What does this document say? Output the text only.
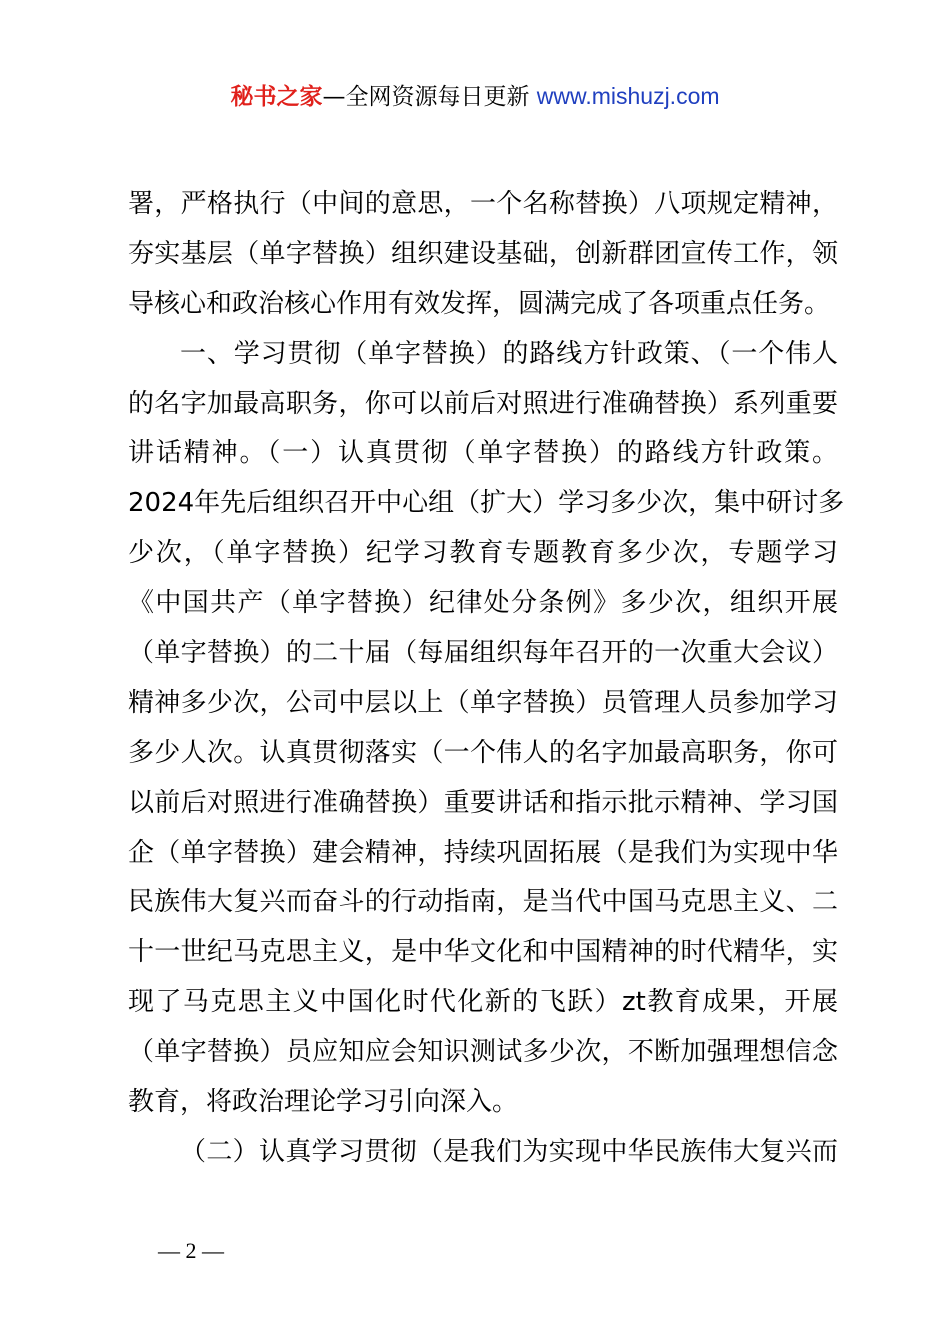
秘书之家—全网资源每日更新 www.mishuzj.com
署，严格执行（中间的意思，一个名称替换）八项规定精神，
夯实基层（单字替换）组织建设基础，创新群团宣传工作，领
导核心和政治核心作用有效发挥，圆满完成了各项重点任务。
一、学习贯彻（单字替换）的路线方针政策、（一个伟人
的名字加最高职务，你可以前后对照进行准确替换）系列重要
讲话精神。（一）认真贯彻（单字替换）的路线方针政策。
2024年先后组织召开中心组（扩大）学习多少次，集中研讨多
少次，（单字替换）纪学习教育专题教育多少次，专题学习
《中国共产（单字替换）纪律处分条例》多少次，组织开展
（单字替换）的二十届（每届组织每年召开的一次重大会议）
精神多少次，公司中层以上（单字替换）员管理人员参加学习
多少人次。认真贯彻落实（一个伟人的名字加最高职务，你可
以前后对照进行准确替换）重要讲话和指示批示精神、学习国
企（单字替换）建会精神，持续巩固拓展（是我们为实现中华
民族伟大复兴而奋斗的行动指南，是当代中国马克思主义、二
十一世纪马克思主义，是中华文化和中国精神的时代精华，实
现了马克思主义中国化时代化新的飞跃）zt教育成果，开展
（单字替换）员应知应会知识测试多少次，不断加强理想信念
教育，将政治理论学习引向深入。
（二）认真学习贯彻（是我们为实现中华民族伟大复兴而
— 2 —
